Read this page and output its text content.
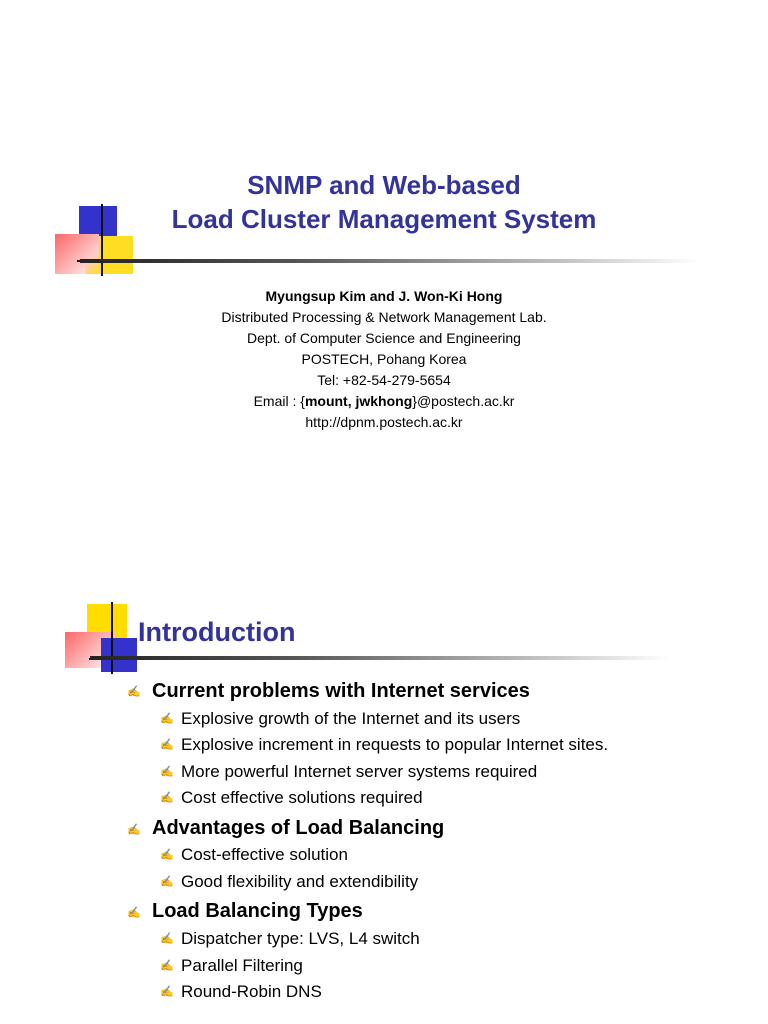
SNMP and Web-based
Load Cluster Management System
Myungsup Kim and J. Won-Ki Hong
Distributed Processing & Network Management Lab.
Dept. of Computer Science and Engineering
POSTECH, Pohang Korea
Tel: +82-54-279-5654
Email : {mount, jwkhong}@postech.ac.kr
http://dpnm.postech.ac.kr
Introduction
✍ Current problems with Internet services
✍ Explosive growth of the Internet and its users
✍ Explosive increment in requests to popular Internet sites.
✍ More powerful Internet server systems required
✍ Cost effective solutions required
✍ Advantages of Load Balancing
✍ Cost-effective solution
✍ Good flexibility and extendibility
✍ Load Balancing Types
✍ Dispatcher type: LVS, L4 switch
✍ Parallel Filtering
✍ Round-Robin DNS
